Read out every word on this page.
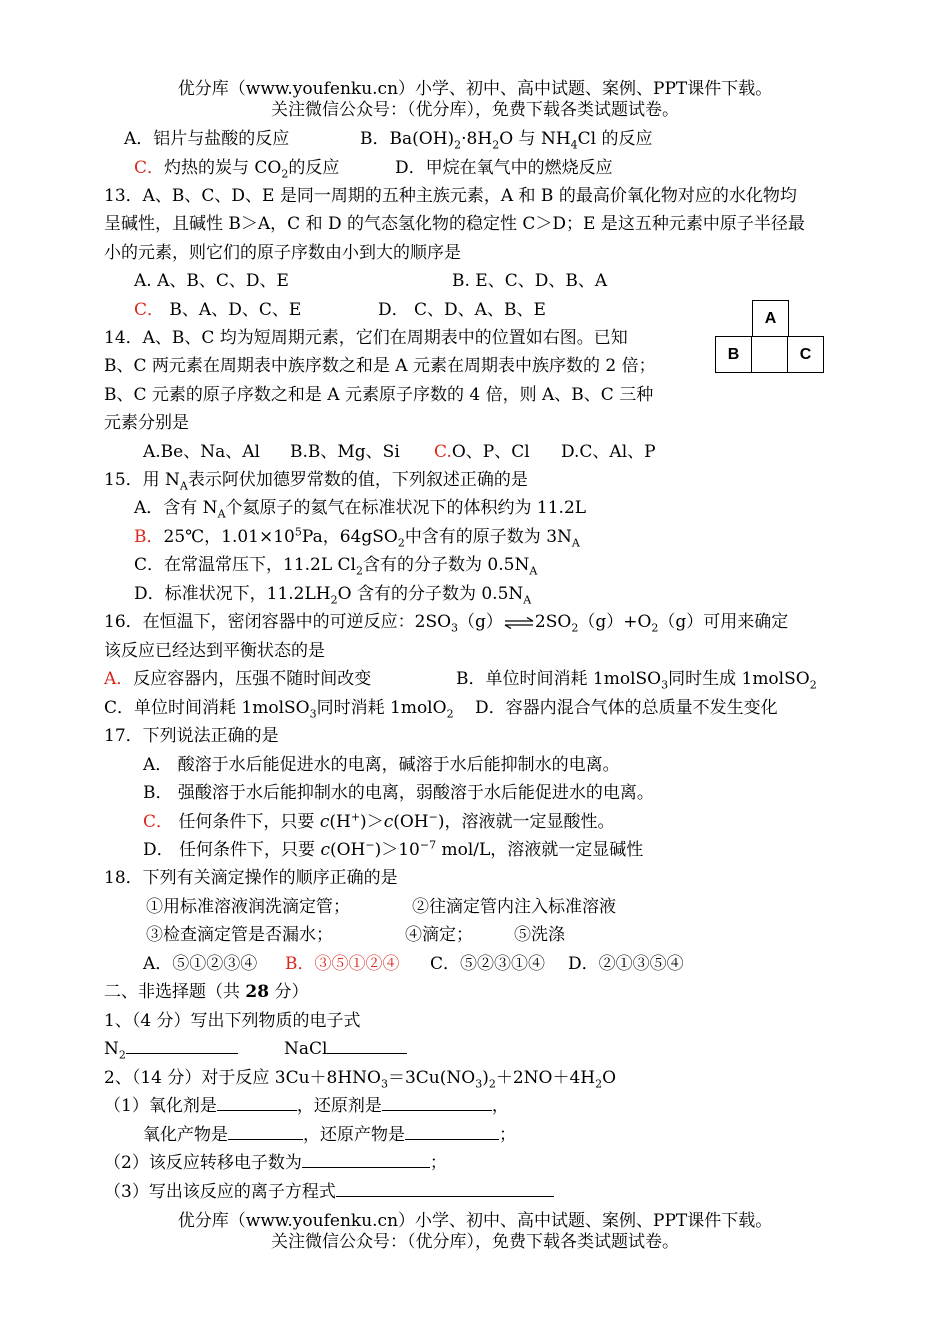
优分库（www.youfenku.cn）小学、初中、高中试题、案例、PPT课件下载。
关注微信公众号：（优分库），免费下载各类试题试卷。
A．铝片与盐酸的反应	B．$Ba(OH)_2\cdot 8H_2O$ 与 $NH_4Cl$ 的反应
C．灼热的炭与 $CO_2$的反应	D．甲烷在氧气中的燃烧反应
13．A、B、C、D、E 是同一周期的五种主族元素，A 和 B 的最高价氧化物对应的水化物均
呈碱性，且碱性 B＞A，C 和 D 的气态氢化物的稳定性 C＞D；E 是这五种元素中原子半径最
小的元素，则它们的原子序数由小到大的顺序是
A. A、B、C、D、E	B. E、C、D、B、A
C． B、A、D、C、E	D． C、D、A、B、E
14．A、B、C 均为短周期元素，它们在周期表中的位置如右图。已知
B、C 两元素在周期表中族序数之和是 A 元素在周期表中族序数的 2 倍；
B、C 元素的原子序数之和是 A 元素原子序数的 4 倍，则 A、B、C 三种
元素分别是
A.Be、Na、Al B.B、Mg、Si C.O、P、Cl D.C、Al、P
A
B	C
15．用 $N_A$表示阿伏加德罗常数的值，下列叙述正确的是
A．含有 $N_A$个氦原子的氦气在标准状况下的体积约为 11.2L
B．25℃，$1.01\times 10^5Pa$，64gSO$_2$中含有的原子数为 $3N_A$
C．在常温常压下，11.2L $Cl_2$含有的分子数为 $0.5N_A$
D．标准状况下，$11.2LH_2O$ 含有的分子数为 $0.5N_A$
16．在恒温下，密闭容器中的可逆反应：$2SO_3(g)\rightleftharpoons 2SO_2(g)+O_2(g)$可用来确定
该反应已经达到平衡状态的是
A．反应容器内，压强不随时间改变	B．单位时间消耗 1molSO$_3$同时生成 1molSO$_2$
C．单位时间消耗 1molSO$_3$同时消耗 1molO$_2$ D．容器内混合气体的总质量不发生变化
17．下列说法正确的是
A． 酸溶于水后能促进水的电离，碱溶于水后能抑制水的电离。
B． 强酸溶于水后能抑制水的电离，弱酸溶于水后能促进水的电离。
C． 任何条件下，只要 c(H+)＞c(OH−)，溶液就一定显酸性。
D． 任何条件下，只要 $c(OH^-)>10^{-7}$ mol/L，溶液就一定显碱性
18．下列有关滴定操作的顺序正确的是
①用标准溶液润洗滴定管；	②往滴定管内注入标准溶液
③检查滴定管是否漏水；	④滴定； ⑤洗涤
A．⑤①②③④ B．③⑤①②④ C．⑤②③①④ D．②①③⑤④
二、非选择题（共 28 分）
1、（4 分）写出下列物质的电子式
$N_2$	NaCl
2、（14 分）对于反应 $3Cu+8HNO_3=3Cu(NO_3)_2+2NO+4H_2O$
（1）氧化剂是	，还原剂是	，
氧化产物是	，还原产物是	；
（2）该反应转移电子数为	；
（3）写出该反应的离子方程式
优分库（www.youfenku.cn）小学、初中、高中试题、案例、PPT课件下载。
关注微信公众号：（优分库），免费下载各类试题试卷。
